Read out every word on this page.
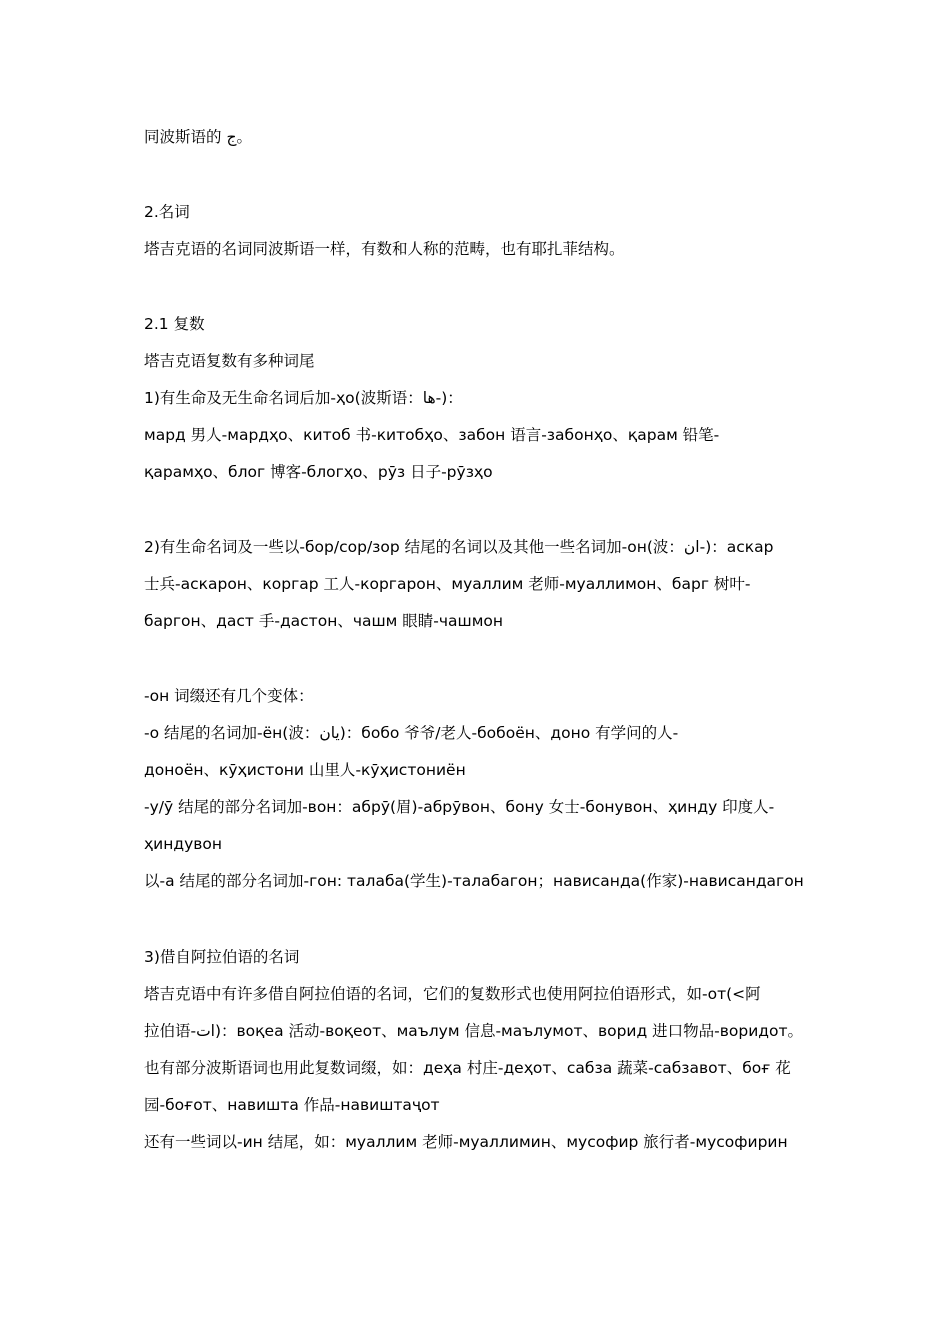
同波斯语的 ج。
2.名词
塔吉克语的名词同波斯语一样，有数和人称的范畴，也有耶扎菲结构。
2.1 复数
塔吉克语复数有多种词尾
1)有生命及无生命名词后加-ҳо(波斯语：ها-)：
мард 男人-мардҳо、китоб 书-китобҳо、забон 语言-забонҳо、қарам 铅笔-
қарамҳо、блог 博客-блогҳо、рӯз 日子-рӯзҳо
2)有生命名词及一些以-бор/сор/зор 结尾的名词以及其他一些名词加-он(波：ان-)：аскар
士兵-аскарон、коргар 工人-коргарон、муаллим 老师-муаллимон、барг 树叶-
баргон、даст 手-дастон、чашм 眼睛-чашмон
-он 词缀还有几个变体：
-о 结尾的名词加-ён(波：یان)：бобо 爷爷/老人-бобоён、доно 有学问的人-
доноён、кӯҳистони 山里人-кӯҳистониён
-у/ӯ 结尾的部分名词加-вон：абрӯ(眉)-абрӯвон、бону 女士-бонувон、ҳинду 印度人-
ҳиндувон
以-а 结尾的部分名词加-гон: талаба(学生)-талабагон；нависанда(作家)-нависандагон
3)借自阿拉伯语的名词
塔吉克语中有许多借自阿拉伯语的名词，它们的复数形式也使用阿拉伯语形式，如-от(<阿
拉伯语-ات)：воқеа 活动-воқеот、маълум 信息-маълумот、ворид 进口物品-воридот。
也有部分波斯语词也用此复数词缀，如：деҳа 村庄-деҳот、сабза 蔬菜-сабзавот、боғ 花
园-боғот、навишта 作品-навиштаҷот
还有一些词以-ин 结尾，如：муаллим 老师-муаллимин、мусофир 旅行者-мусофирин
